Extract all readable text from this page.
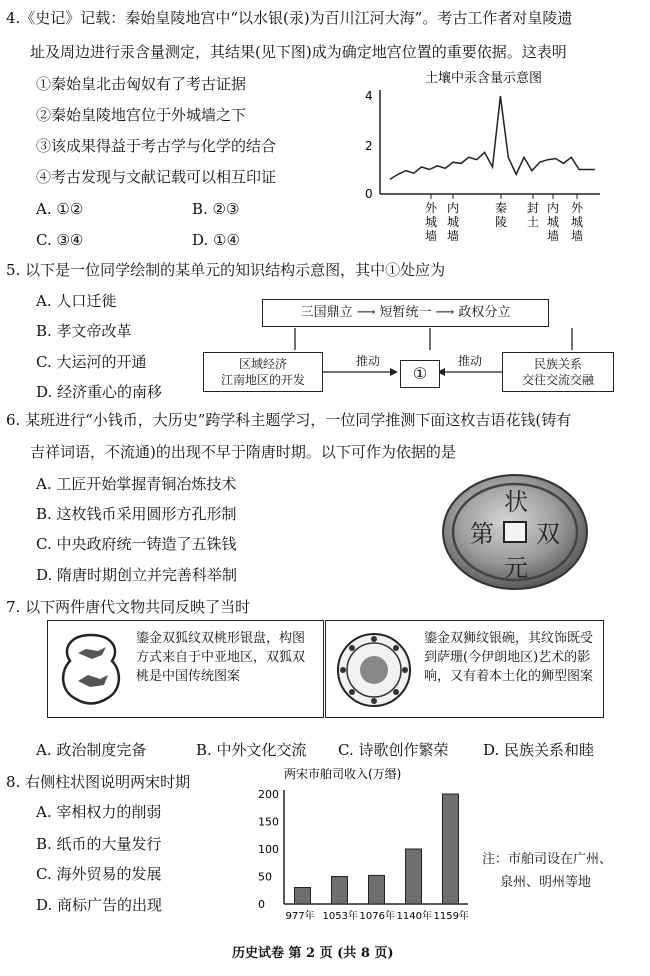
4.《史记》记载：秦始皇陵地宫中“以水银(汞)为百川江河大海”。考古工作者对皇陵遗
址及周边进行汞含量测定，其结果(见下图)成为确定地宫位置的重要依据。这表明
①秦始皇北击匈奴有了考古证据
②秦始皇陵地宫位于外城墙之下
③该成果得益于考古学与化学的结合
④考古发现与文献记载可以相互印证
A. ①②	B. ②③
C. ③④	D. ①④
土壤中汞含量示意图
0
2
4
外城墙
内城墙
秦陵
封土
内城墙
外城墙
5. 以下是一位同学绘制的某单元的知识结构示意图，其中①处应为
A. 人口迁徙
B. 孝文帝改革
C. 大运河的开通
D. 经济重心的南移
三国鼎立 ⟶ 短暂统一 ⟶ 政权分立
区域经济
江南地区的开发
推动
①
推动	民族关系
交往交流交融
6. 某班进行“小钱币，大历史”跨学科主题学习，一位同学推测下面这枚吉语花钱(铸有
吉祥词语，不流通)的出现不早于隋唐时期。以下可作为依据的是
A. 工匠开始掌握青铜冶炼技术
B. 这枚钱币采用圆形方孔形制
C. 中央政府统一铸造了五铢钱
D. 隋唐时期创立并完善科举制
状
双
元
第
7. 以下两件唐代文物共同反映了当时
鎏金双狐纹双桃形银盘，构图方式来自于中亚地区，双狐双桃是中国传统图案
鎏金双狮纹银碗，其纹饰既受到萨珊(今伊朗地区)艺术的影响，又有着本土化的狮型图案
A. 政治制度完备	B. 中外文化交流 C. 诗歌创作繁荣 D. 民族关系和睦
8. 右侧柱状图说明两宋时期
A. 宰相权力的削弱
B. 纸币的大量发行
C. 海外贸易的发展
D. 商标广告的出现
两宋市舶司收入(万缗)
0
50
100
150
200
977年 1053年 1076年 1140年 1159年
注：市舶司设在广州、
泉州、明州等地
历史试卷 第 2 页 (共 8 页)
